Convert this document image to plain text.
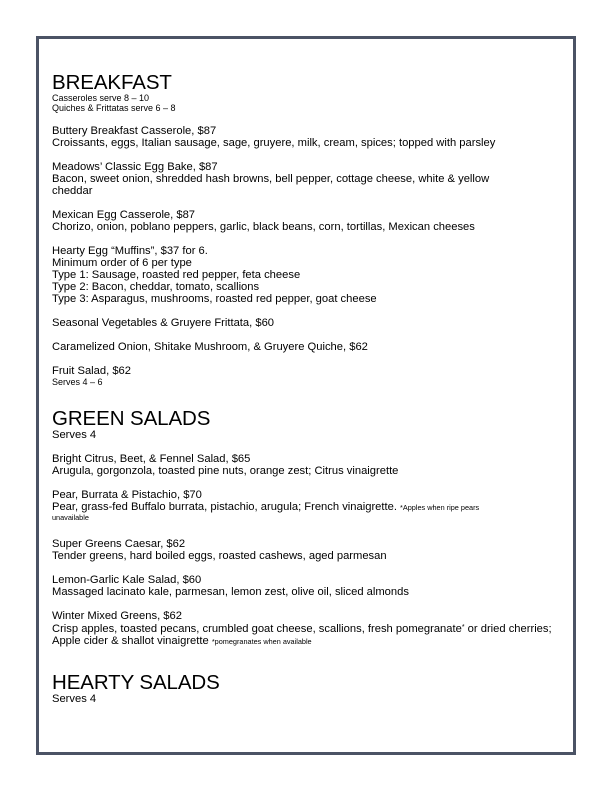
BREAKFAST
Casseroles serve 8 – 10
Quiches & Frittatas serve 6 – 8
Buttery Breakfast Casserole, $87
Croissants, eggs, Italian sausage, sage, gruyere, milk, cream, spices; topped with parsley
Meadows’ Classic Egg Bake, $87
Bacon, sweet onion, shredded hash browns, bell pepper, cottage cheese, white & yellow cheddar
Mexican Egg Casserole, $87
Chorizo, onion, poblano peppers, garlic, black beans, corn, tortillas, Mexican cheeses
Hearty Egg “Muffins”, $37 for 6.
Minimum order of 6 per type
Type 1: Sausage, roasted red pepper, feta cheese
Type 2: Bacon, cheddar, tomato, scallions
Type 3: Asparagus, mushrooms, roasted red pepper, goat cheese
Seasonal Vegetables & Gruyere Frittata, $60
Caramelized Onion, Shitake Mushroom, & Gruyere Quiche, $62
Fruit Salad, $62
Serves 4 – 6
GREEN SALADS
Serves 4
Bright Citrus, Beet, & Fennel Salad, $65
Arugula, gorgonzola, toasted pine nuts, orange zest; Citrus vinaigrette
Pear, Burrata & Pistachio, $70
Pear, grass-fed Buffalo burrata, pistachio, arugula; French vinaigrette. *Apples when ripe pears
unavailable
Super Greens Caesar, $62
Tender greens, hard boiled eggs, roasted cashews, aged parmesan
Lemon-Garlic Kale Salad, $60
Massaged lacinato kale, parmesan, lemon zest, olive oil, sliced almonds
Winter Mixed Greens, $62
Crisp apples, toasted pecans, crumbled goat cheese, scallions, fresh pomegranate* or dried cherries; Apple cider & shallot vinaigrette *pomegranates when available
HEARTY SALADS
Serves 4
